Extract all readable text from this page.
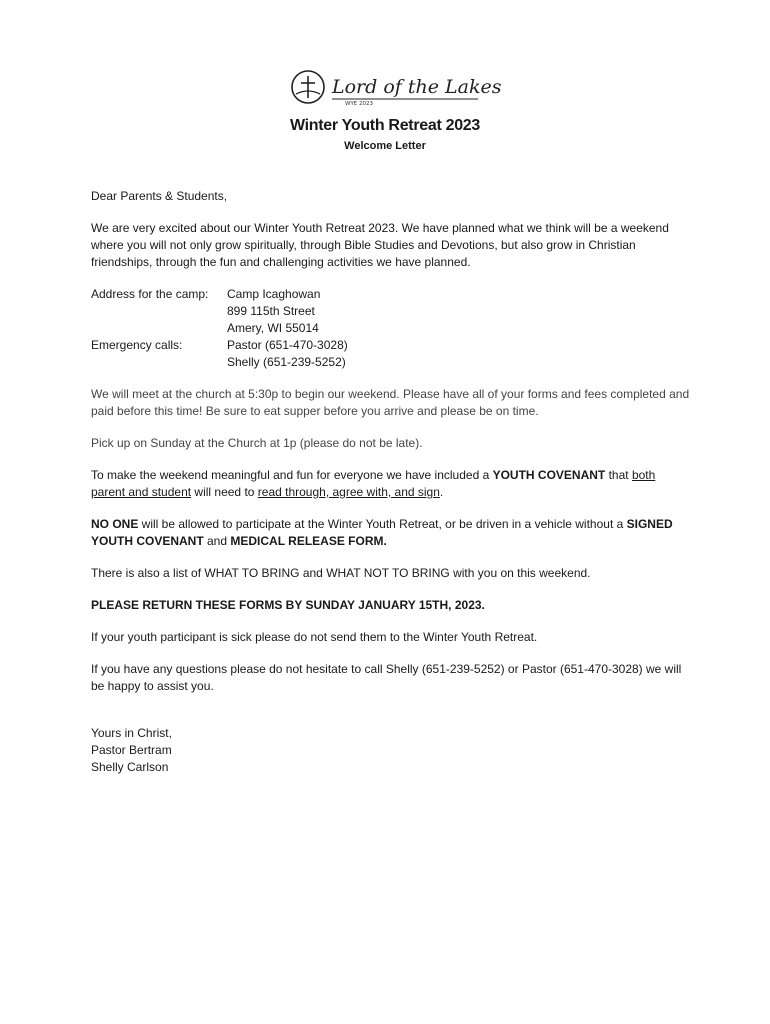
Lord of the Lakes
WYE 2023
Winter Youth Retreat 2023
Welcome Letter

Dear Parents & Students,

We are very excited about our Winter Youth Retreat 2023. We have planned what we think will be a weekend where you will not only grow spiritually, through Bible Studies and Devotions, but also grow in Christian friendships, through the fun and challenging activities we have planned.

Address for the camp:	Camp Icaghowan
899 115th Street
Amery, WI 55014
Emergency calls:	Pastor (651-470-3028)
Shelly (651-239-5252)

We will meet at the church at 5:30p to begin our weekend. Please have all of your forms and fees completed and paid before this time! Be sure to eat supper before you arrive and please be on time.

Pick up on Sunday at the Church at 1p (please do not be late).

To make the weekend meaningful and fun for everyone we have included a YOUTH COVENANT that both parent and student will need to read through, agree with, and sign.

NO ONE will be allowed to participate at the Winter Youth Retreat, or be driven in a vehicle without a SIGNED YOUTH COVENANT and MEDICAL RELEASE FORM.

There is also a list of WHAT TO BRING and WHAT NOT TO BRING with you on this weekend.

PLEASE RETURN THESE FORMS BY SUNDAY JANUARY 15TH, 2023.

If your youth participant is sick please do not send them to the Winter Youth Retreat.

If you have any questions please do not hesitate to call Shelly (651-239-5252) or Pastor (651-470-3028) we will be happy to assist you.

Yours in Christ,

Pastor Bertram

Shelly Carlson
